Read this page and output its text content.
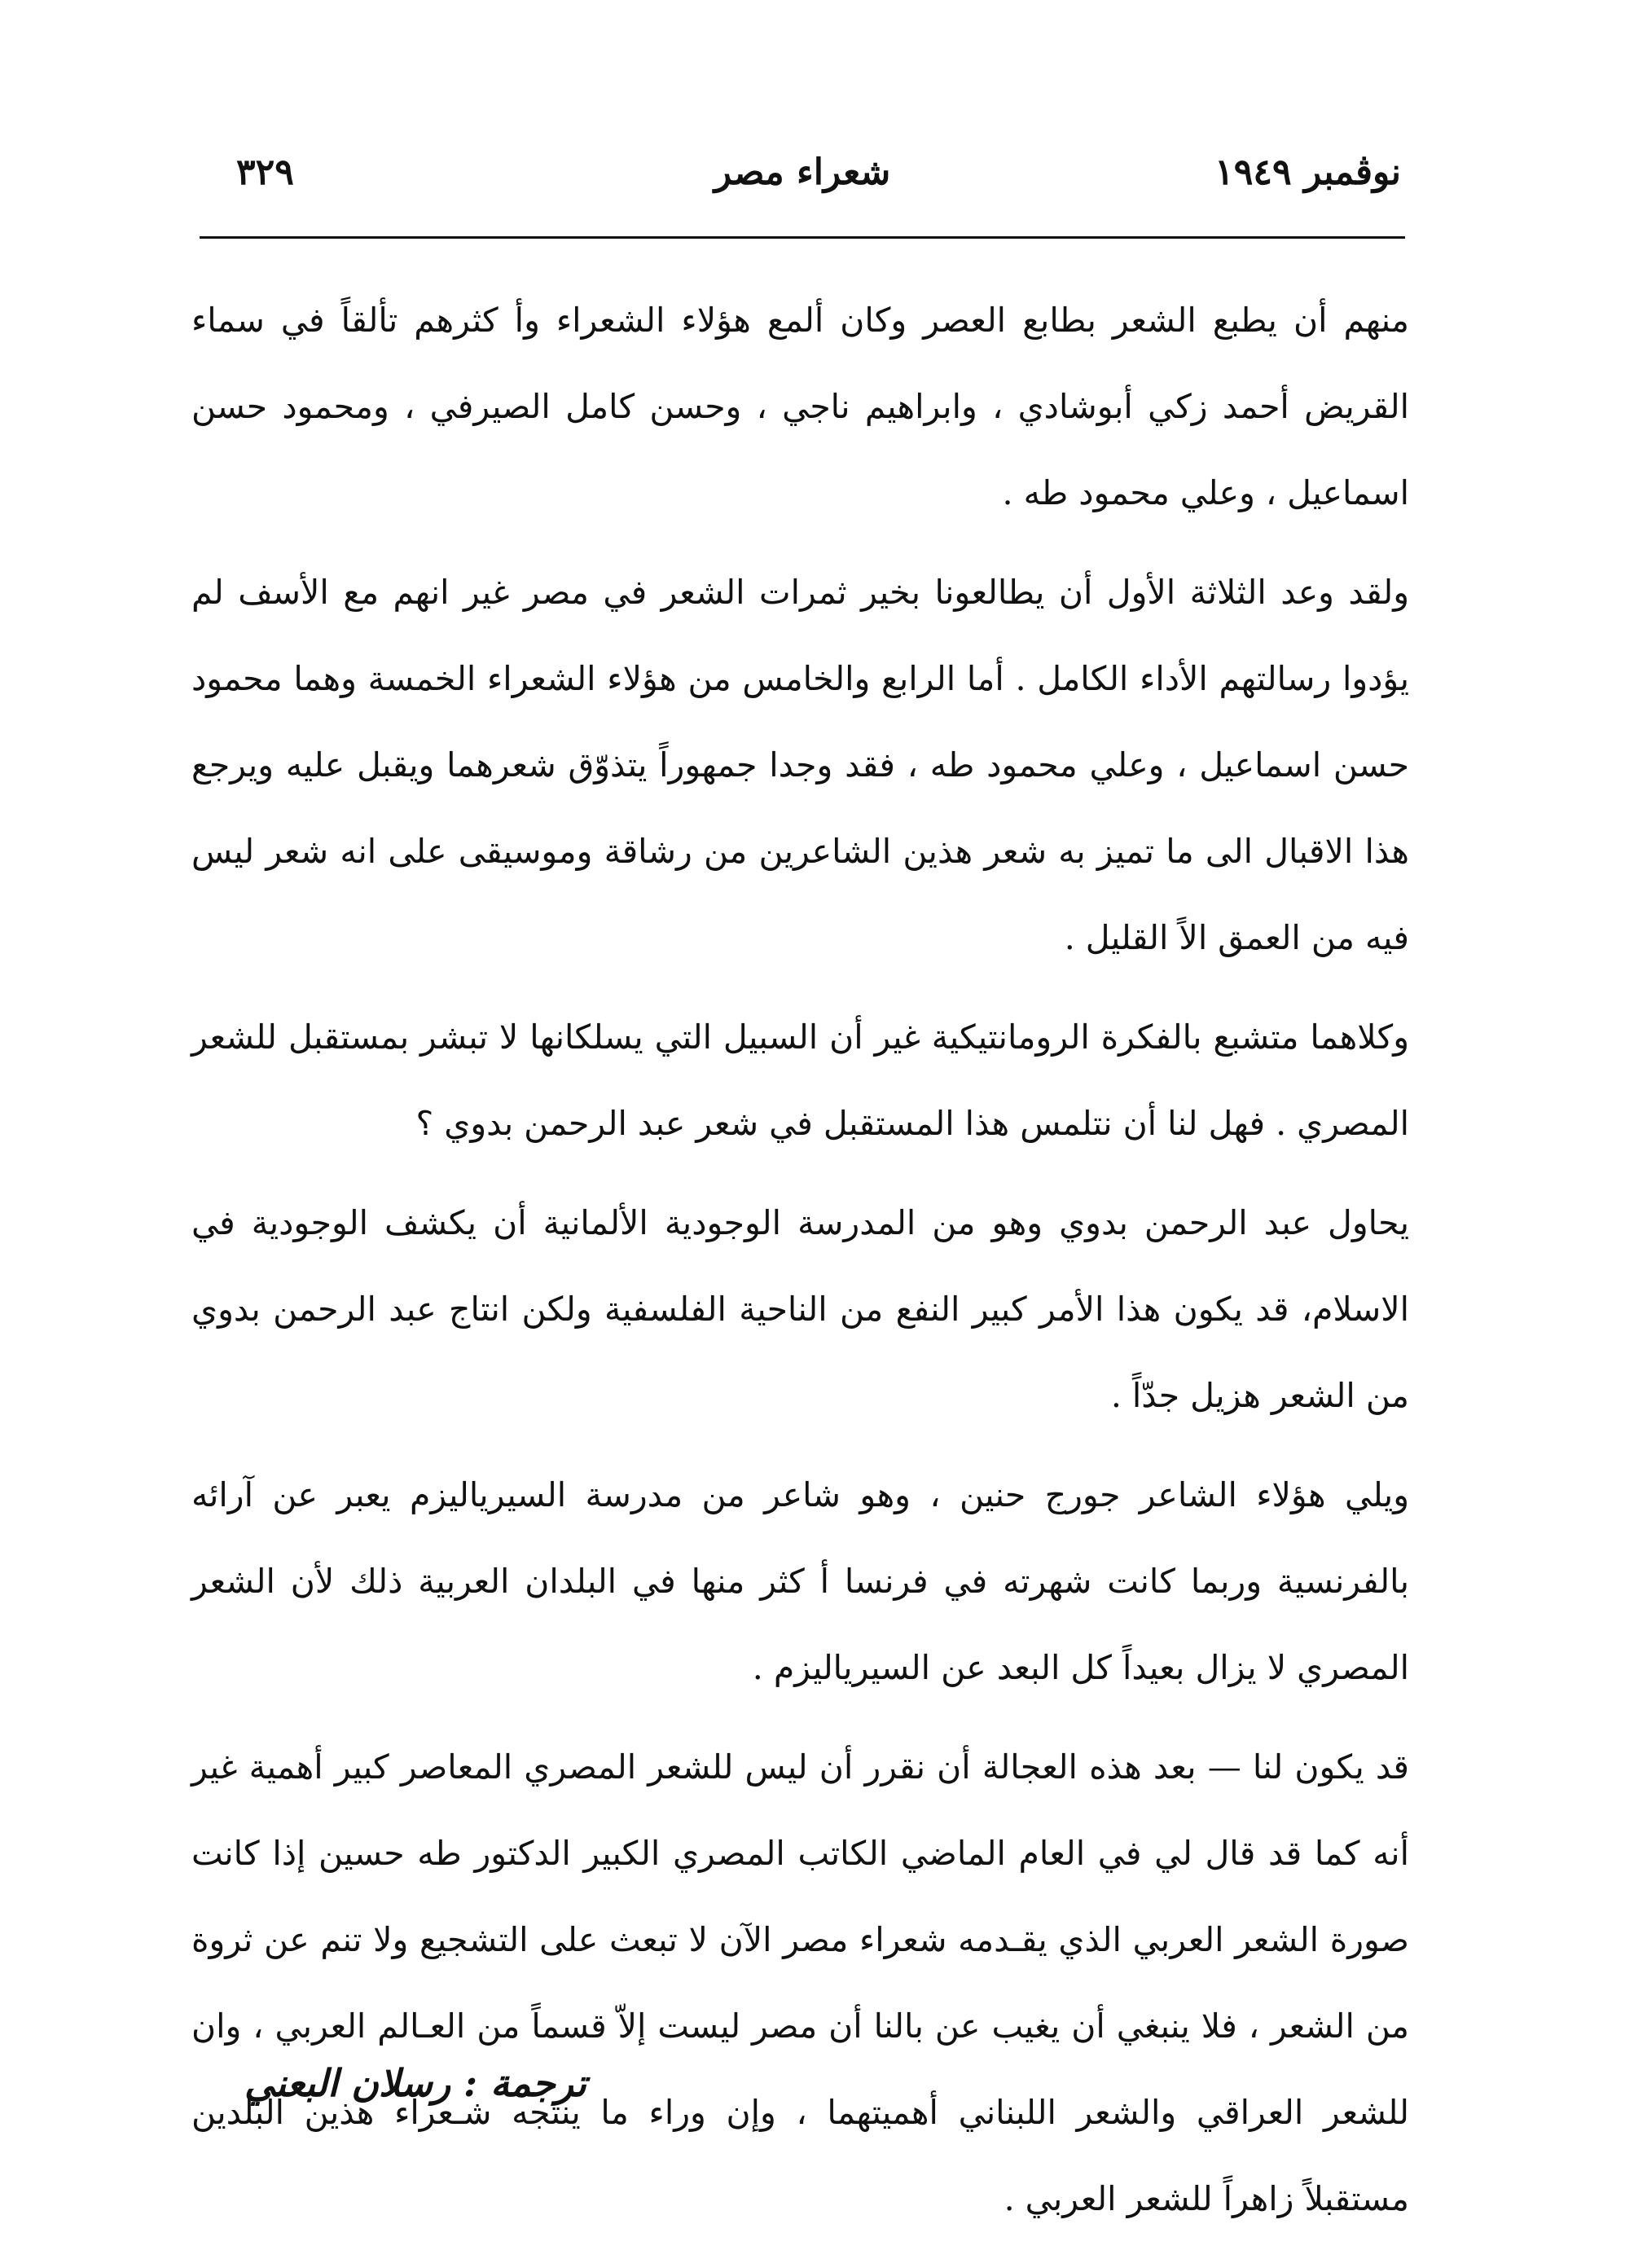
نوڤمبر ١٩٤٩
شعراء مصر
٣٢٩

منهم أن يطبع الشعر بطابع العصر وكان ألمع هؤلاء الشعراء وأ كثرهم تألقاً في سماء القريض أحمد زكي أبوشادي ، وابراهيم ناجي ، وحسن كامل الصيرفي ، ومحمود حسن اسماعيل ، وعلي محمود طه .

ولقد وعد الثلاثة الأول أن يطالعونا بخير ثمرات الشعر في مصر غير انهم مع الأسف لم يؤدوا رسالتهم الأداء الكامل . أما الرابع والخامس من هؤلاء الشعراء الخمسة وهما محمود حسن اسماعيل ، وعلي محمود طه ، فقد وجدا جمهوراً يتذوّق شعرهما ويقبل عليه ويرجع هذا الاقبال الى ما تميز به شعر هذين الشاعرين من رشاقة وموسيقى على انه شعر ليس فيه من العمق الاً القليل .

وكلاهما متشبع بالفكرة الرومانتيكية غير أن السبيل التي يسلكانها لا تبشر بمستقبل للشعر المصري . فهل لنا أن نتلمس هذا المستقبل في شعر عبد الرحمن بدوي ؟

يحاول عبد الرحمن بدوي وهو من المدرسة الوجودية الألمانية أن يكشف الوجودية في الاسلام، قد يكون هذا الأمر كبير النفع من الناحية الفلسفية ولكن انتاج عبد الرحمن بدوي من الشعر هزيل جدّاً .

ويلي هؤلاء الشاعر جورج حنين ، وهو شاعر من مدرسة السيرياليزم يعبر عن آرائه بالفرنسية وربما كانت شهرته في فرنسا أ كثر منها في البلدان العربية ذلك لأن الشعر المصري لا يزال بعيداً كل البعد عن السيرياليزم .

قد يكون لنا — بعد هذه العجالة أن نقرر أن ليس للشعر المصري المعاصر كبير أهمية غير أنه كما قد قال لي في العام الماضي الكاتب المصري الكبير الدكتور طه حسين إذا كانت صورة الشعر العربي الذي يقـدمه شعراء مصر الآن لا تبعث على التشجيع ولا تنم عن ثروة من الشعر ، فلا ينبغي أن يغيب عن بالنا أن مصر ليست إلاّ قسماً من العـالم العربي ، وان للشعر العراقي والشعر اللبناني أهميتهما ، وإن وراء ما ينتجه شـعراء هذين البلدين مستقبلاً زاهراً للشعر العربي .

ترجمة : رسلان البعني
